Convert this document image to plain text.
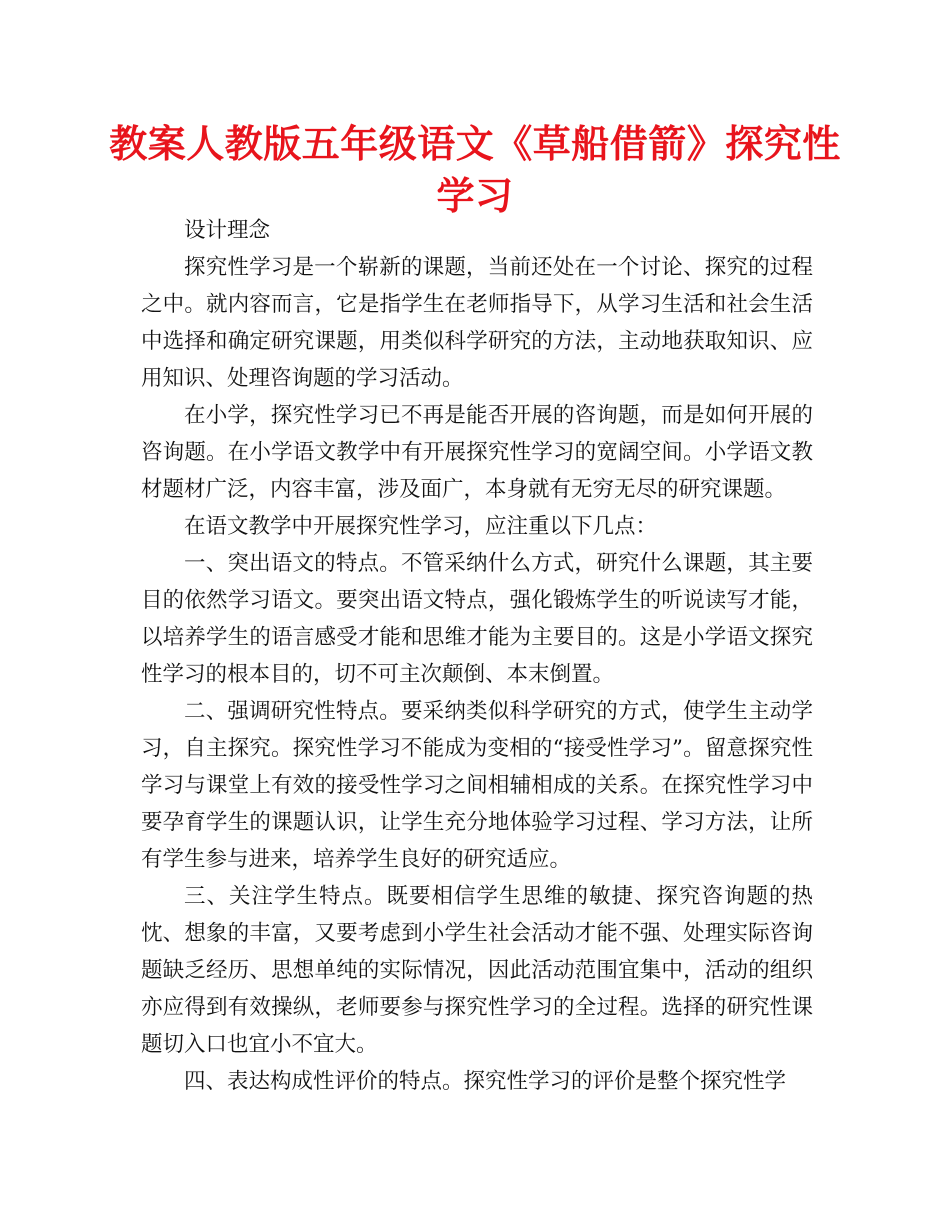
教案人教版五年级语文《草船借箭》探究性学习

设计理念

探究性学习是一个崭新的课题，当前还处在一个讨论、探究的过程之中。就内容而言，它是指学生在老师指导下，从学习生活和社会生活中选择和确定研究课题，用类似科学研究的方法，主动地获取知识、应用知识、处理咨询题的学习活动。

在小学，探究性学习已不再是能否开展的咨询题，而是如何开展的咨询题。在小学语文教学中有开展探究性学习的宽阔空间。小学语文教材题材广泛，内容丰富，涉及面广，本身就有无穷无尽的研究课题。

在语文教学中开展探究性学习，应注重以下几点：

一、突出语文的特点。不管采纳什么方式，研究什么课题，其主要目的依然学习语文。要突出语文特点，强化锻炼学生的听说读写才能，以培养学生的语言感受才能和思维才能为主要目的。这是小学语文探究性学习的根本目的，切不可主次颠倒、本末倒置。

二、强调研究性特点。要采纳类似科学研究的方式，使学生主动学习，自主探究。探究性学习不能成为变相的“接受性学习”。留意探究性学习与课堂上有效的接受性学习之间相辅相成的关系。在探究性学习中要孕育学生的课题认识，让学生充分地体验学习过程、学习方法，让所有学生参与进来，培养学生良好的研究适应。

三、关注学生特点。既要相信学生思维的敏捷、探究咨询题的热忱、想象的丰富，又要考虑到小学生社会活动才能不强、处理实际咨询题缺乏经历、思想单纯的实际情况，因此活动范围宜集中，活动的组织亦应得到有效操纵，老师要参与探究性学习的全过程。选择的研究性课题切入口也宜小不宜大。

四、表达构成性评价的特点。探究性学习的评价是整个探究性学
